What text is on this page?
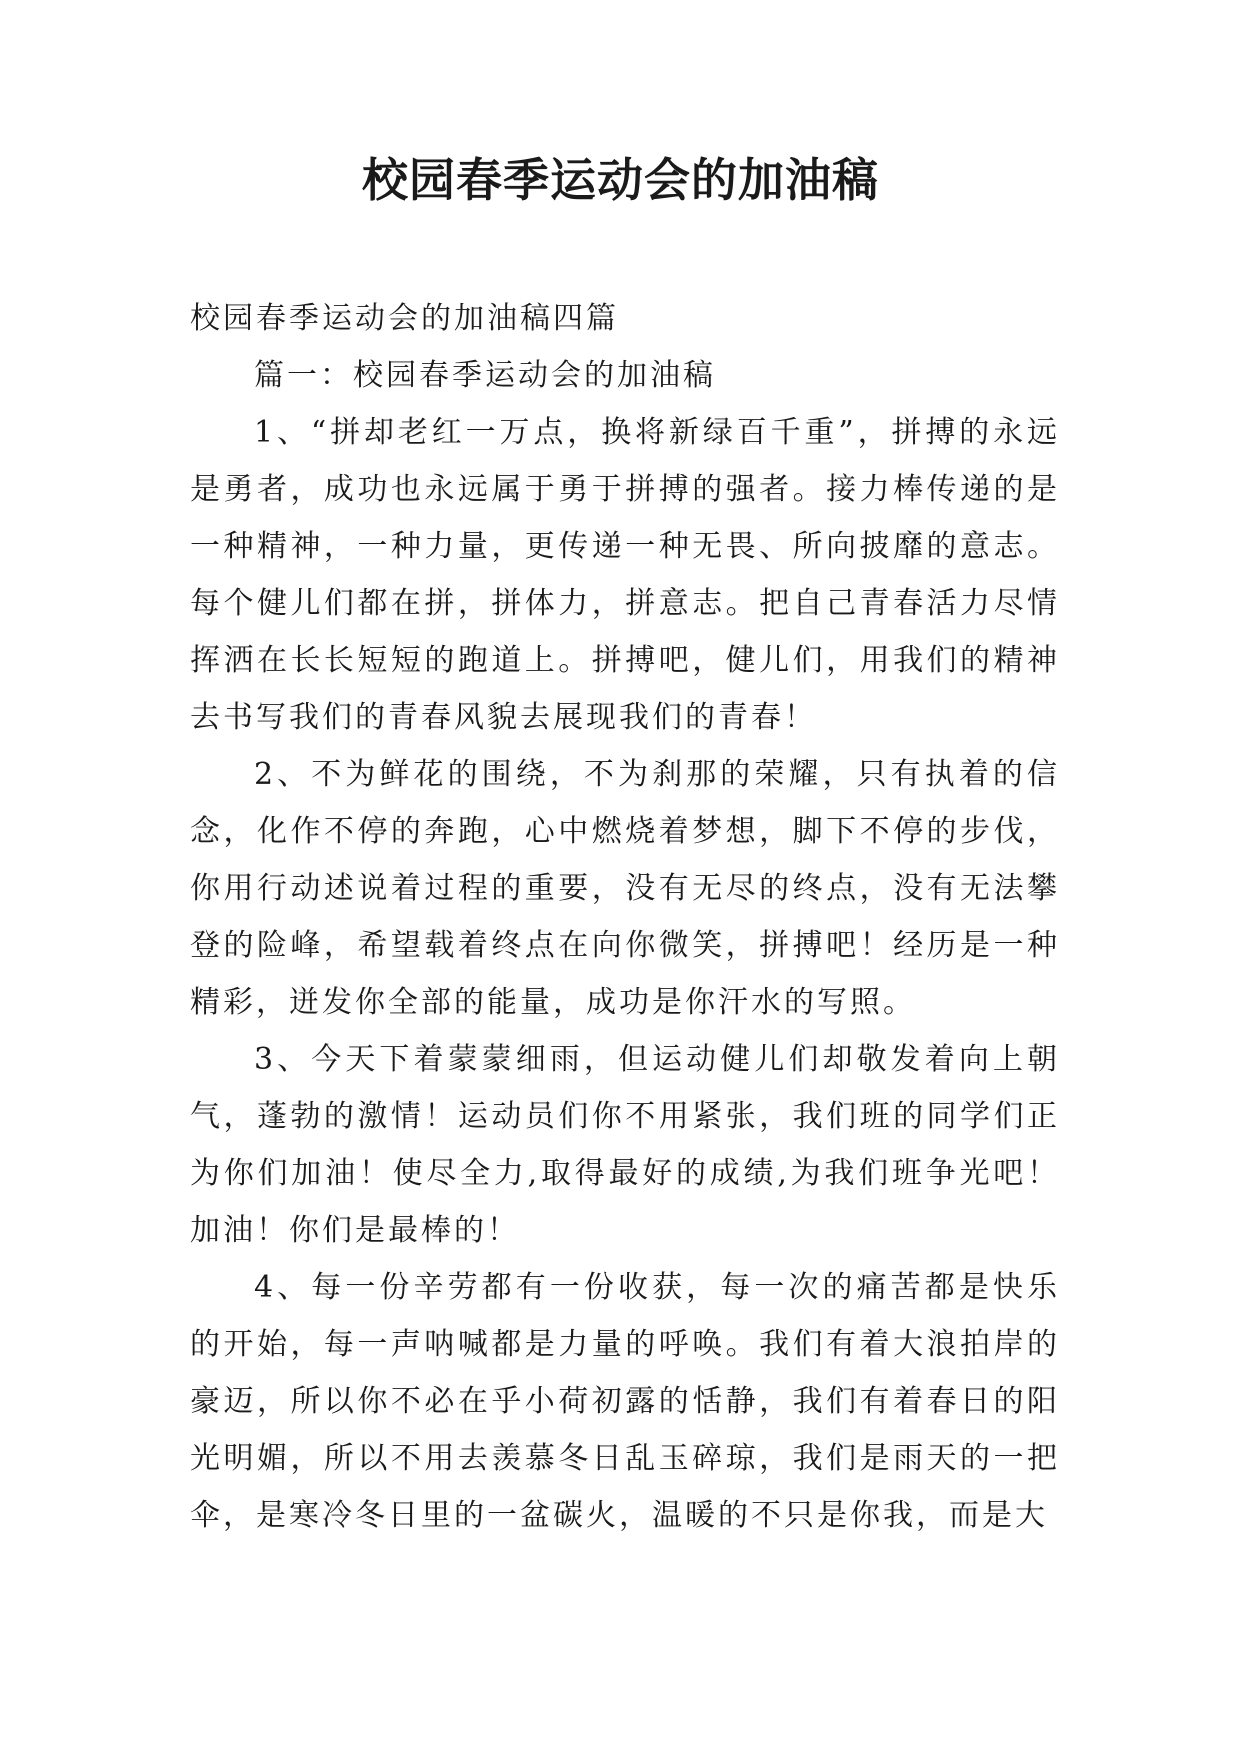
校园春季运动会的加油稿

校园春季运动会的加油稿四篇

篇一：校园春季运动会的加油稿

1、“拼却老红一万点，换将新绿百千重”，拼搏的永远是勇者，成功也永远属于勇于拼搏的强者。接力棒传递的是一种精神，一种力量，更传递一种无畏、所向披靡的意志。每个健儿们都在拼，拼体力，拼意志。把自己青春活力尽情挥洒在长长短短的跑道上。拼搏吧，健儿们，用我们的精神去书写我们的青春风貌去展现我们的青春！

2、不为鲜花的围绕，不为刹那的荣耀，只有执着的信念，化作不停的奔跑，心中燃烧着梦想，脚下不停的步伐，你用行动述说着过程的重要，没有无尽的终点，没有无法攀登的险峰，希望载着终点在向你微笑，拼搏吧！经历是一种精彩，迸发你全部的能量，成功是你汗水的写照。

3、今天下着蒙蒙细雨，但运动健儿们却敬发着向上朝气，蓬勃的激情！运动员们你不用紧张，我们班的同学们正为你们加油！使尽全力,取得最好的成绩,为我们班争光吧！加油！你们是最棒的！

4、每一份辛劳都有一份收获，每一次的痛苦都是快乐的开始，每一声呐喊都是力量的呼唤。我们有着大浪拍岸的豪迈，所以你不必在乎小荷初露的恬静，我们有着春日的阳光明媚，所以不用去羡慕冬日乱玉碎琼，我们是雨天的一把伞，是寒冷冬日里的一盆碳火，温暖的不只是你我，而是大
